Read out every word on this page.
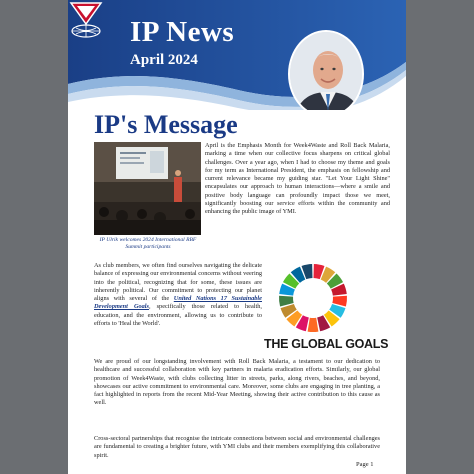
IP News
April 2024
IP's Message
IP Ulrik welcomes 2024 International RBF Summit participants

April is the Emphasis Month for Week4Waste and Roll Back Malaria, marking a time when our collective focus sharpens on critical global challenges. Over a year ago, when I had to choose my theme and goals for my term as International President, the emphasis on fellowship and current relevance became my guiding star. "Let Your Light Shine" encapsulates our approach to human interactions—where a smile and positive body language can profoundly impact those we meet, significantly boosting our service efforts within the community and enhancing the public image of YMI.

As club members, we often find ourselves navigating the delicate balance of expressing our environmental concerns without veering into the political, recognizing that for some, these issues are inherently political. Our commitment to protecting our planet aligns with several of the United Nations 17 Sustainable Development Goals, specifically those related to health, education, and the environment, allowing us to contribute to efforts to 'Heal the World'.

THE GLOBAL GOALS

We are proud of our longstanding involvement with Roll Back Malaria, a testament to our dedication to healthcare and successful collaboration with key partners in malaria eradication efforts. Similarly, our global promotion of Week4Waste, with clubs collecting litter in streets, parks, along rivers, beaches, and beyond, showcases our active commitment to environmental care. Moreover, some clubs are engaging in tree planting, a fact highlighted in reports from the recent Mid-Year Meeting, showing their active contribution to this cause as well.

Cross-sectoral partnerships that recognise the intricate connections between social and environmental challenges are fundamental to creating a brighter future, with YMI clubs and their members exemplifying this collaborative spirit.

Page 1
